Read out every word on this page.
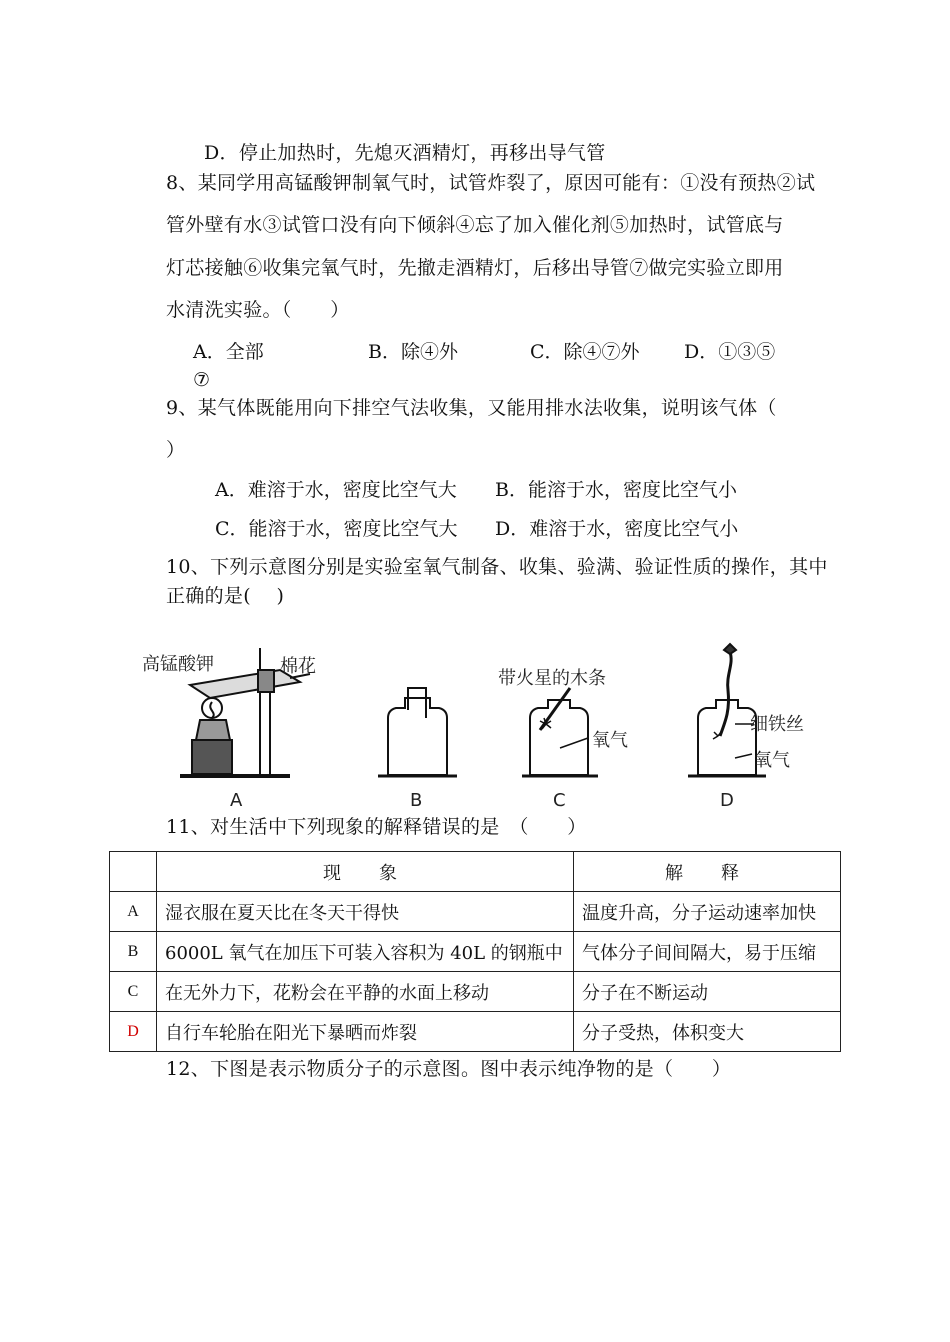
D．停止加热时，先熄灭酒精灯，再移出导气管
8、某同学用高锰酸钾制氧气时，试管炸裂了，原因可能有：①没有预热②试
管外壁有水③试管口没有向下倾斜④忘了加入催化剂⑤加热时，试管底与
灯芯接触⑥收集完氧气时，先撤走酒精灯，后移出导管⑦做完实验立即用
水清洗实验。（　　）
A．全部	B．除④外	C．除④⑦外 D．①③⑤
⑦
9、某气体既能用向下排空气法收集，又能用排水法收集，说明该气体（
）
A．难溶于水，密度比空气大 B．能溶于水，密度比空气小
C．能溶于水，密度比空气大 D．难溶于水，密度比空气小
10、下列示意图分别是实验室氧气制备、收集、验满、验证性质的操作，其中
正确的是(　 )
高锰酸钾	棉花
带火星的木条
氧气
细铁丝
氧气
A	B	C	D
11、对生活中下列现象的解释错误的是　（　　）
	现　象	解　释
A	湿衣服在夏天比在冬天干得快	温度升高，分子运动速率加快
B	6000L 氧气在加压下可装入容积为 40L 的钢瓶中	气体分子间间隔大，易于压缩
C	在无外力下，花粉会在平静的水面上移动	分子在不断运动
D	自行车轮胎在阳光下暴晒而炸裂	分子受热，体积变大
12、下图是表示物质分子的示意图。图中表示纯净物的是（　　）
